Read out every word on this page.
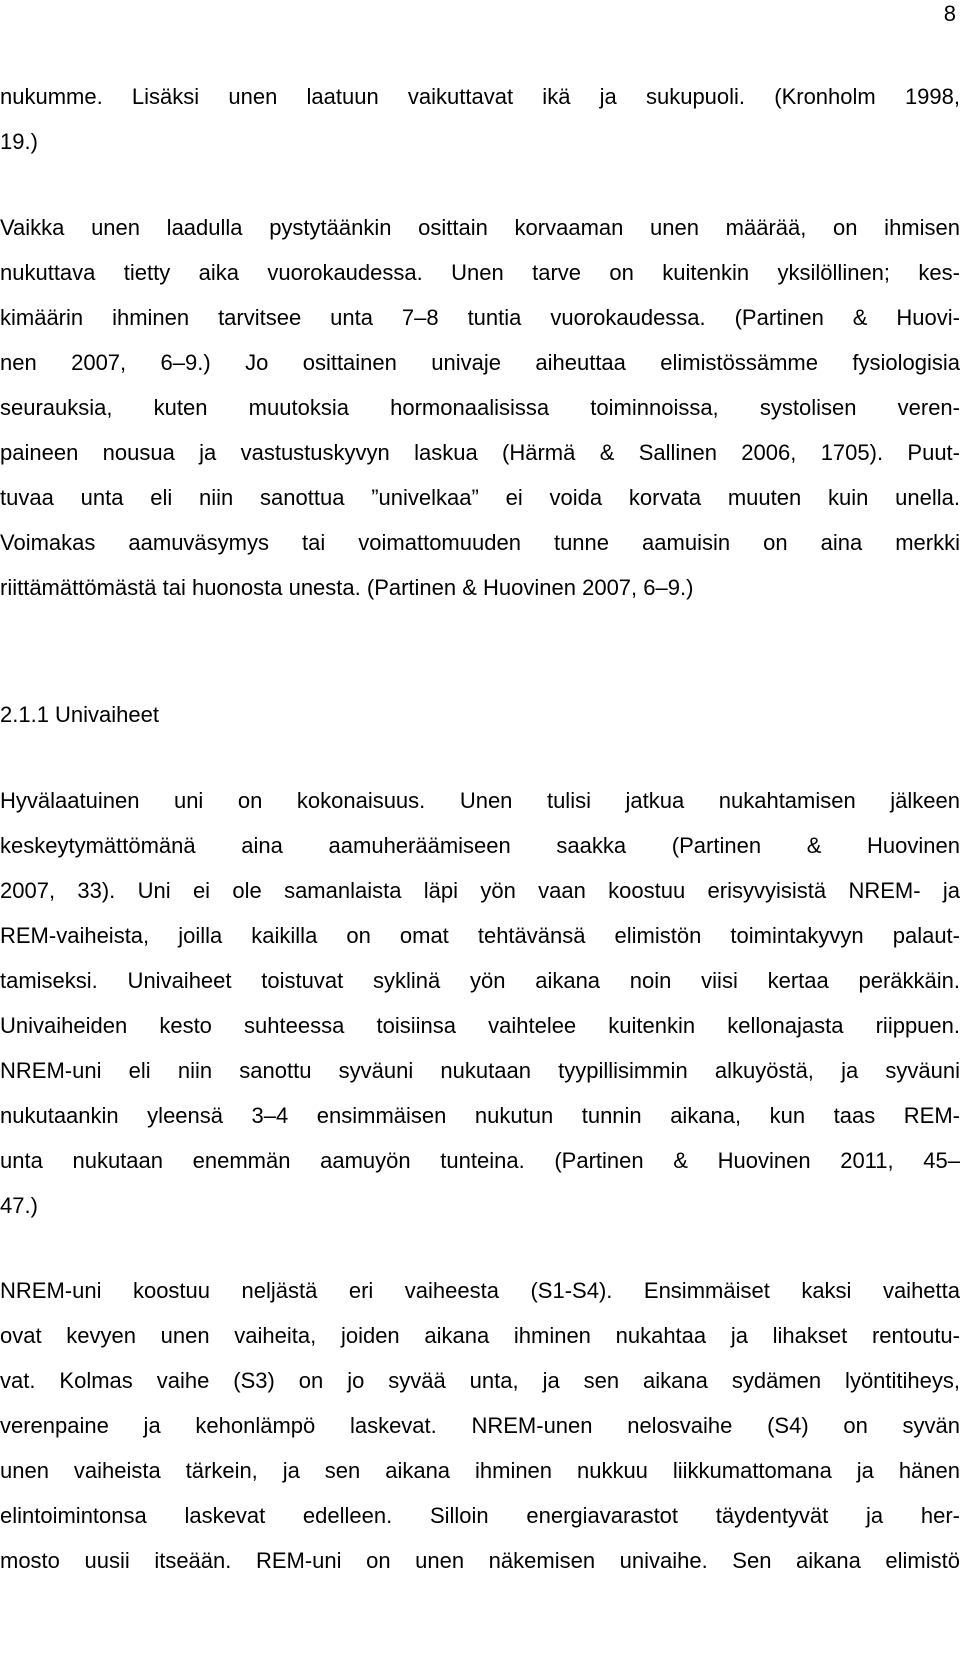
8
nukumme. Lisäksi unen laatuun vaikuttavat ikä ja sukupuoli. (Kronholm 1998,
19.)
Vaikka unen laadulla pystytäänkin osittain korvaaman unen määrää, on ihmisen
nukuttava tietty aika vuorokaudessa. Unen tarve on kuitenkin yksilöllinen; kes-
kimäärin ihminen tarvitsee unta 7–8 tuntia vuorokaudessa. (Partinen & Huovi-
nen 2007, 6–9.) Jo osittainen univaje aiheuttaa elimistössämme fysiologisia
seurauksia, kuten muutoksia hormonaalisissa toiminnoissa, systolisen veren-
paineen nousua ja vastustuskyvyn laskua (Härmä & Sallinen 2006, 1705). Puut-
tuvaa unta eli niin sanottua ”univelkaa” ei voida korvata muuten kuin unella.
Voimakas aamuväsymys tai voimattomuuden tunne aamuisin on aina merkki
riittämättömästä tai huonosta unesta. (Partinen & Huovinen 2007, 6–9.)
2.1.1 Univaiheet
Hyvälaatuinen uni on kokonaisuus. Unen tulisi jatkua nukahtamisen jälkeen
keskeytymättömänä aina aamuheräämiseen saakka (Partinen & Huovinen
2007, 33). Uni ei ole samanlaista läpi yön vaan koostuu erisyvyisistä NREM- ja
REM-vaiheista, joilla kaikilla on omat tehtävänsä elimistön toimintakyvyn palaut-
tamiseksi. Univaiheet toistuvat syklinä yön aikana noin viisi kertaa peräkkäin.
Univaiheiden kesto suhteessa toisiinsa vaihtelee kuitenkin kellonajasta riippuen.
NREM-uni eli niin sanottu syväuni nukutaan tyypillisimmin alkuyöstä, ja syväuni
nukutaankin yleensä 3–4 ensimmäisen nukutun tunnin aikana, kun taas REM-
unta nukutaan enemmän aamuyön tunteina. (Partinen & Huovinen 2011, 45–
47.)
NREM-uni koostuu neljästä eri vaiheesta (S1-S4). Ensimmäiset kaksi vaihetta
ovat kevyen unen vaiheita, joiden aikana ihminen nukahtaa ja lihakset rentoutu-
vat. Kolmas vaihe (S3) on jo syvää unta, ja sen aikana sydämen lyöntitiheys,
verenpaine ja kehonlämpö laskevat. NREM-unen nelosvaihe (S4) on syvän
unen vaiheista tärkein, ja sen aikana ihminen nukkuu liikkumattomana ja hänen
elintoimintonsa laskevat edelleen. Silloin energiavarastot täydentyvät ja her-
mosto uusii itseään. REM-uni on unen näkemisen univaihe. Sen aikana elimistö
